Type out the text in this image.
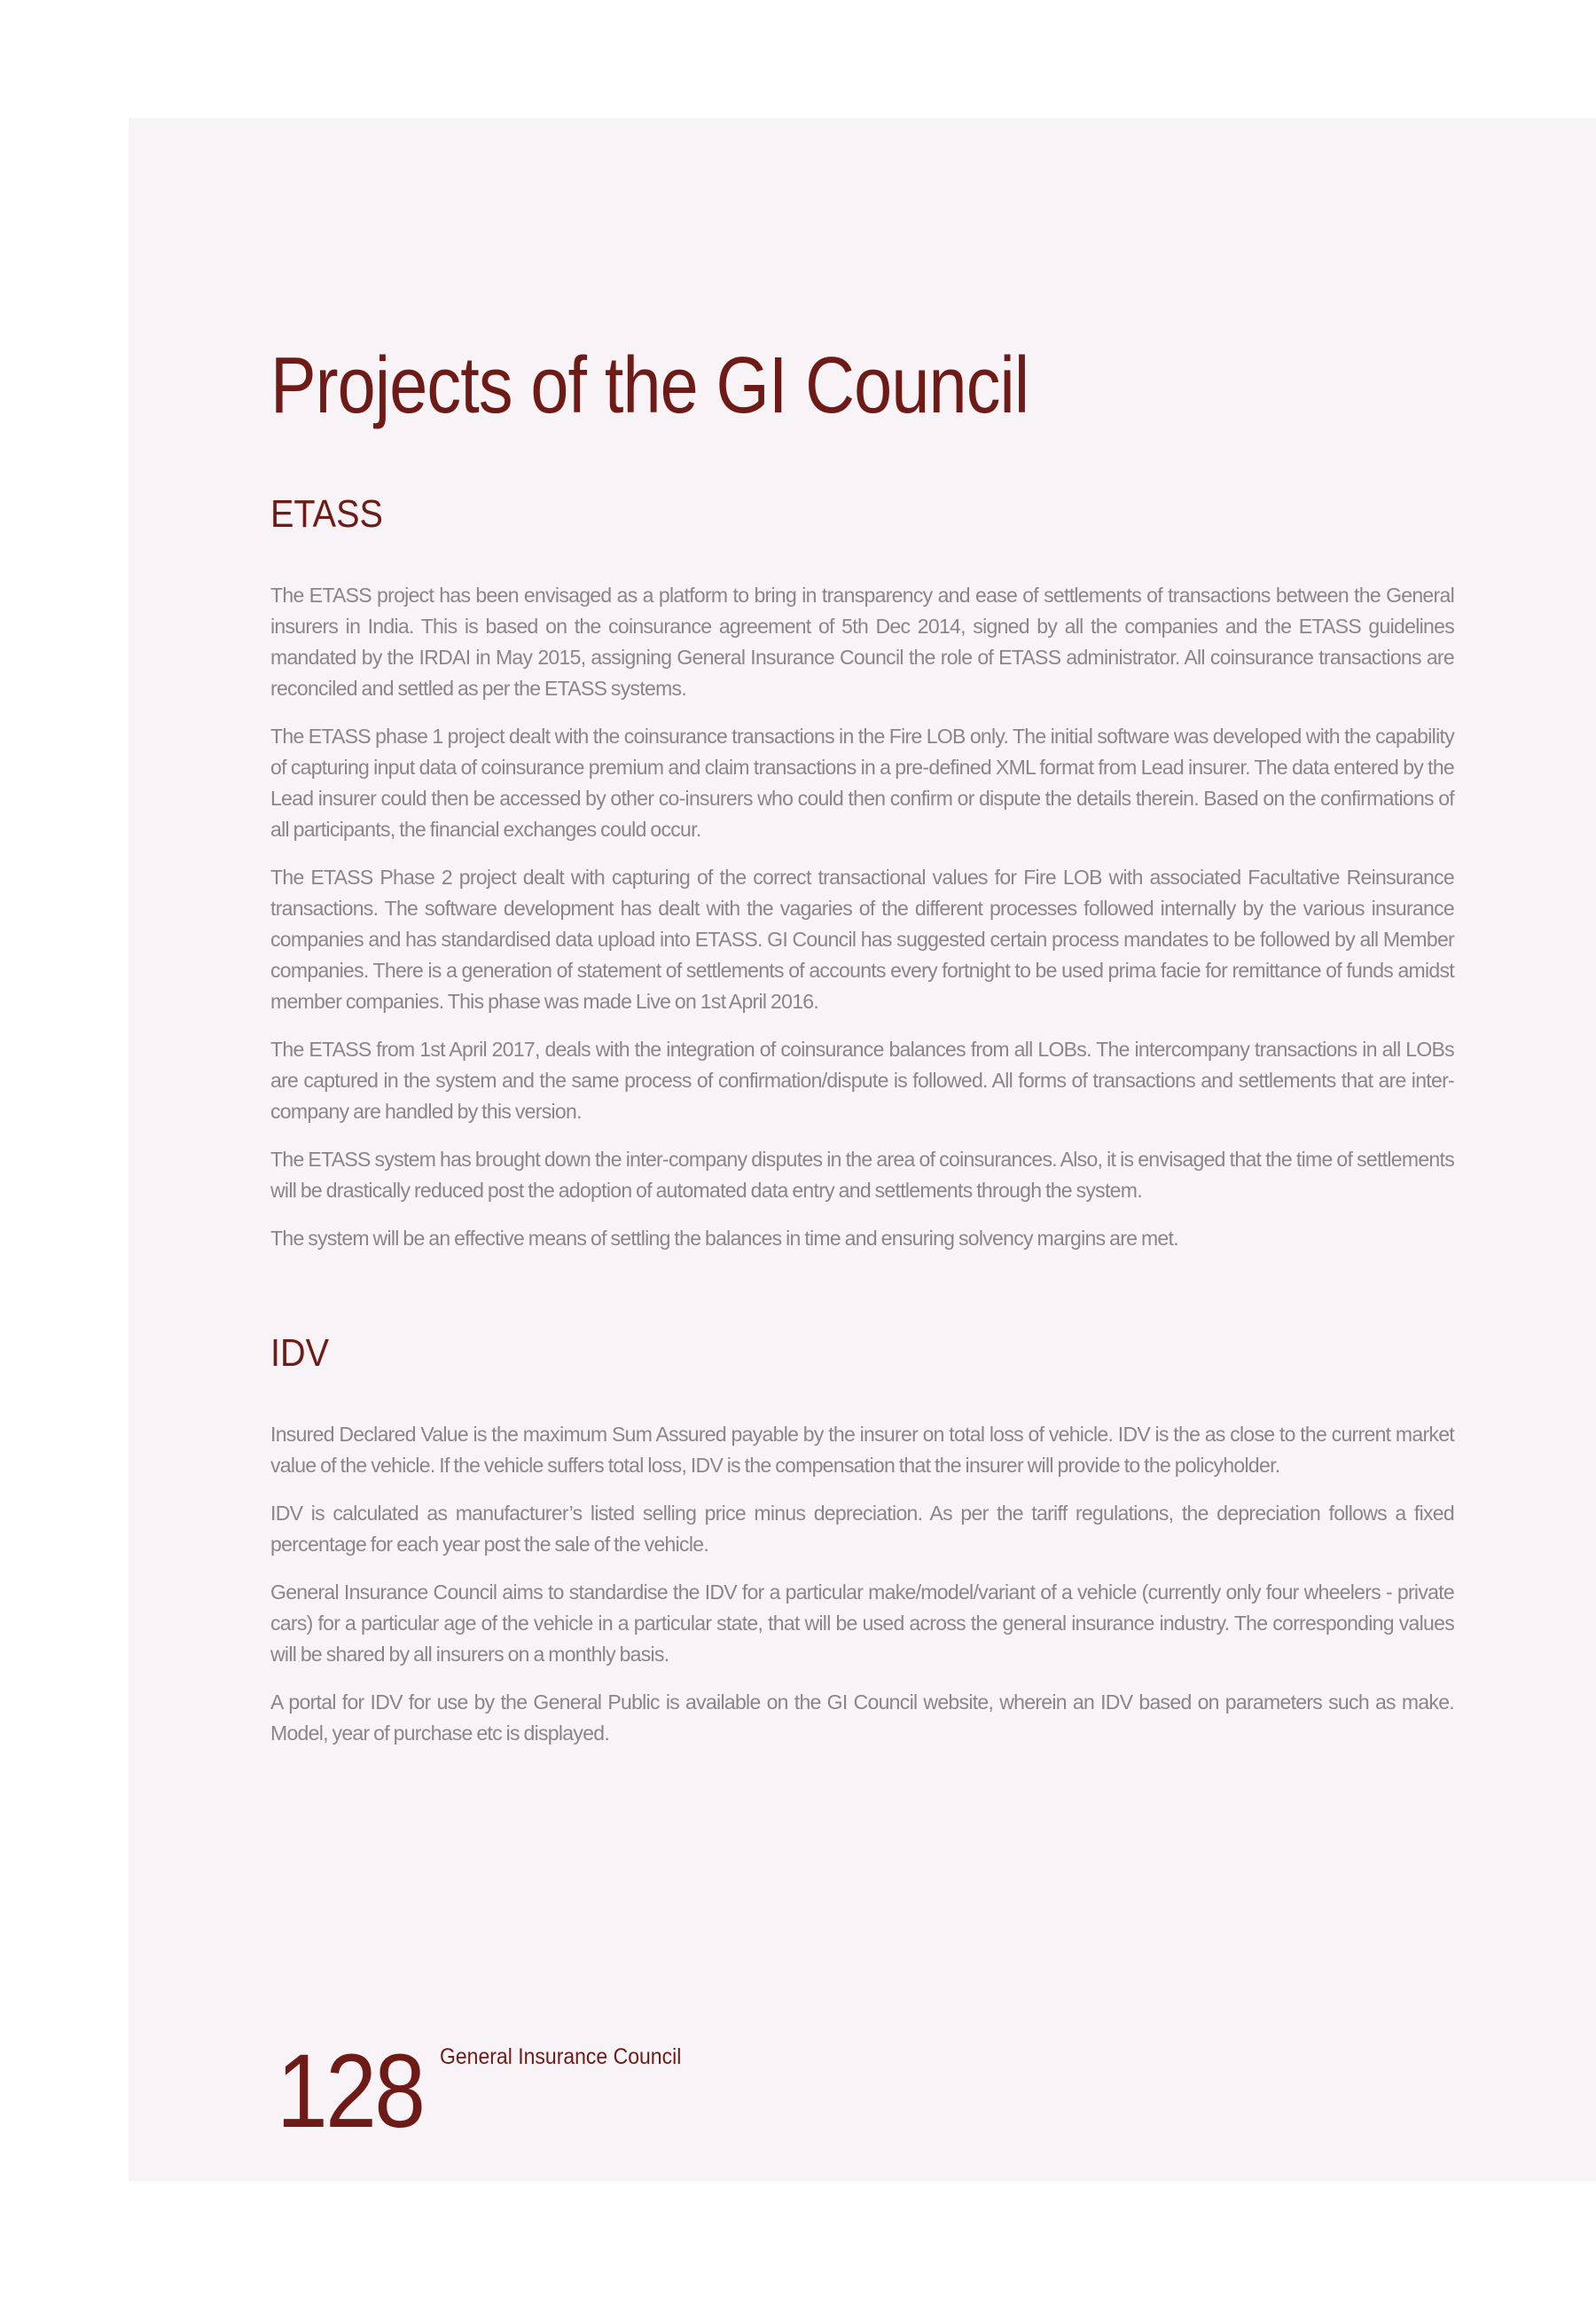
Projects of the GI Council
ETASS

The ETASS project has been envisaged as a platform to bring in transparency and ease of settlements of transactions between the General insurers in India. This is based on the coinsurance agreement of 5th Dec 2014, signed by all the companies and the ETASS guidelines mandated by the IRDAI in May 2015, assigning General Insurance Council the role of ETASS administrator. All coinsurance transactions are reconciled and settled as per the ETASS systems.

The ETASS phase 1 project dealt with the coinsurance transactions in the Fire LOB only. The initial software was developed with the capability of capturing input data of coinsurance premium and claim transactions in a pre-defined XML format from Lead insurer. The data entered by the Lead insurer could then be accessed by other co-insurers who could then confirm or dispute the details therein. Based on the confirmations of all participants, the financial exchanges could occur.

The ETASS Phase 2 project dealt with capturing of the correct transactional values for Fire LOB with associated Facultative Reinsurance transactions. The software development has dealt with the vagaries of the different processes followed internally by the various insurance companies and has standardised data upload into ETASS. GI Council has suggested certain process mandates to be followed by all Member companies. There is a generation of statement of settlements of accounts every fortnight to be used prima facie for remittance of funds amidst member companies. This phase was made Live on 1st April 2016.

The ETASS from 1st April 2017, deals with the integration of coinsurance balances from all LOBs. The intercompany transactions in all LOBs are captured in the system and the same process of confirmation/dispute is followed. All forms of transactions and settlements that are inter-company are handled by this version.

The ETASS system has brought down the inter-company disputes in the area of coinsurances. Also, it is envisaged that the time of settlements will be drastically reduced post the adoption of automated data entry and settlements through the system.

The system will be an effective means of settling the balances in time and ensuring solvency margins are met.

IDV

Insured Declared Value is the maximum Sum Assured payable by the insurer on total loss of vehicle. IDV is the as close to the current market value of the vehicle. If the vehicle suffers total loss, IDV is the compensation that the insurer will provide to the policyholder.

IDV is calculated as manufacturer’s listed selling price minus depreciation. As per the tariff regulations, the depreciation follows a fixed percentage for each year post the sale of the vehicle.

General Insurance Council aims to standardise the IDV for a particular make/model/variant of a vehicle (currently only four wheelers - private cars) for a particular age of the vehicle in a particular state, that will be used across the general insurance industry. The corresponding values will be shared by all insurers on a monthly basis.

A portal for IDV for use by the General Public is available on the GI Council website, wherein an IDV based on parameters such as make. Model, year of purchase etc is displayed.

128 General Insurance Council
